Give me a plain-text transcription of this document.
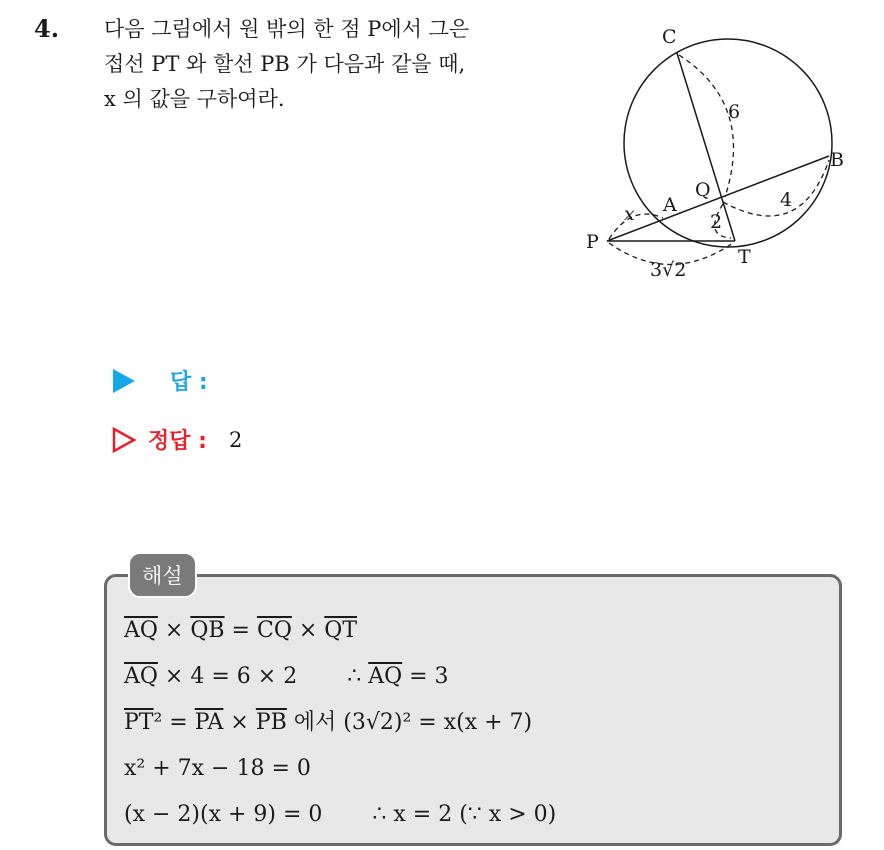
4. 다음 그림에서 원 밖의 한 점 P에서 그은
접선 PT 와 할선 PB 가 다음과 같을 때,
x 의 값을 구하여라.
C
B
Q
A
P
T
6
4
2
x
3√2
답 :
정답 : 2
해설
$\overline{AQ} \times \overline{QB} = \overline{CQ} \times \overline{QT}$
$\overline{AQ} \times 4 = 6 \times 2$ ∴ $\overline{AQ} = 3$
$\overline{PT}^2 = \overline{PA} \times \overline{PB}$ 에서 (3√2)² = x(x + 7)
x² + 7x − 18 = 0
(x − 2)(x + 9) = 0 ∴ x = 2 (∵ x > 0)
